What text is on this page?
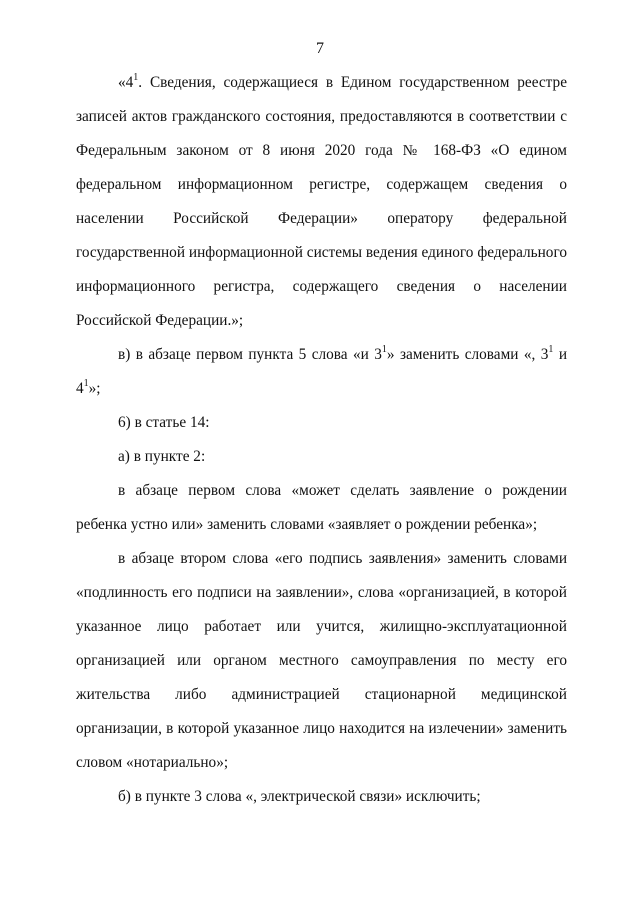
7

«$4^1$. Сведения, содержащиеся в Едином государственном реестре записей актов гражданского состояния, предоставляются в соответствии с Федеральным законом от 8 июня 2020 года № 168-ФЗ «О едином федеральном информационном регистре, содержащем сведения о населении Российской Федерации» оператору федеральной государственной информационной системы ведения единого федерального информационного регистра, содержащего сведения о населении Российской Федерации.»;

в) в абзаце первом пункта 5 слова «и $3^1$» заменить словами «, $3^1$ и $4^1$»;

6) в статье 14:

а) в пункте 2:

в абзаце первом слова «может сделать заявление о рождении ребенка устно или» заменить словами «заявляет о рождении ребенка»;

в абзаце втором слова «его подпись заявления» заменить словами «подлинность его подписи на заявлении», слова «организацией, в которой указанное лицо работает или учится, жилищно-эксплуатационной организацией или органом местного самоуправления по месту его жительства либо администрацией стационарной медицинской организации, в которой указанное лицо находится на излечении» заменить словом «нотариально»;

б) в пункте 3 слова «, электрической связи» исключить;
